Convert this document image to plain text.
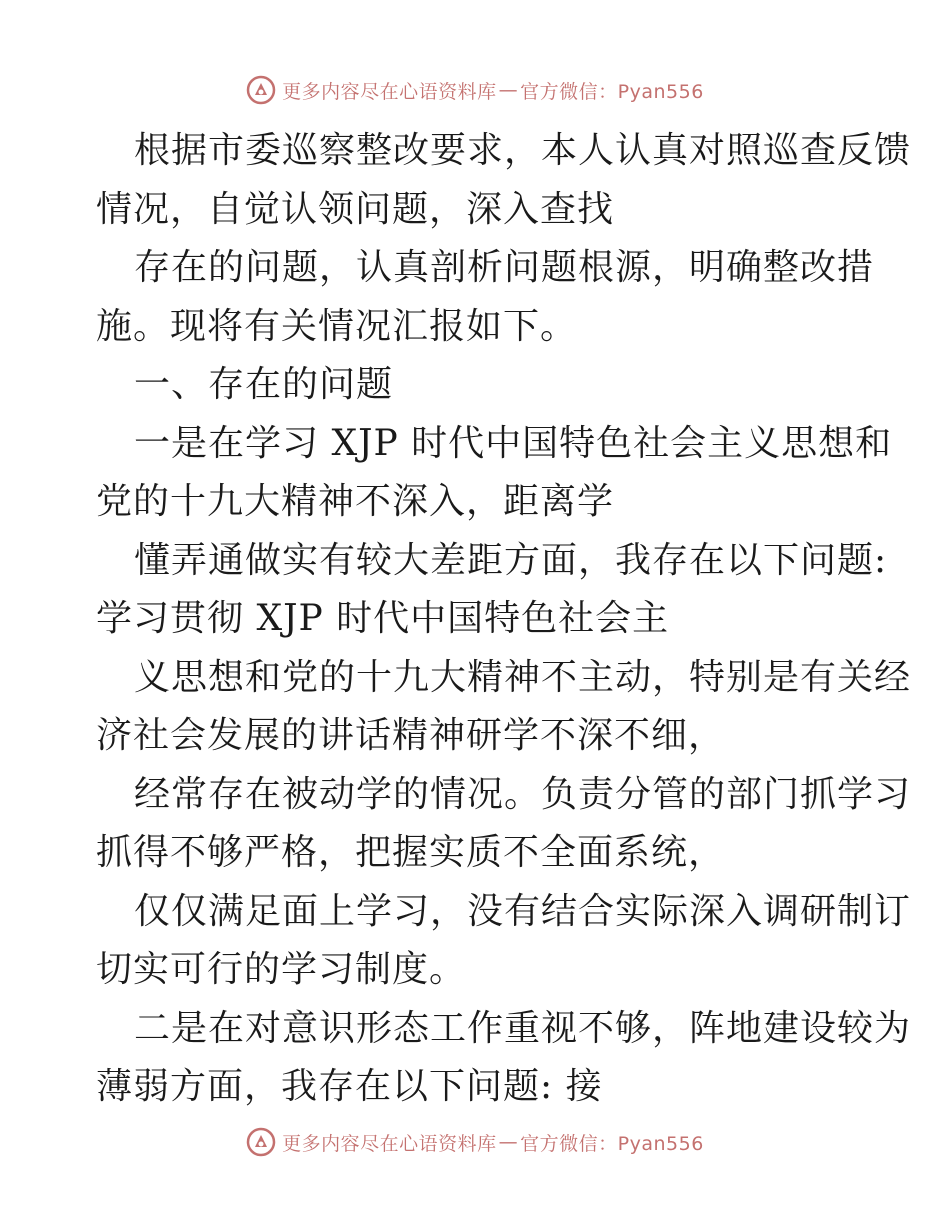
更多内容尽在心语资料库 — 官方微信：Pyan556
根据市委巡察整改要求，本人认真对照巡查反馈
情况，自觉认领问题，深入查找
存在的问题，认真剖析问题根源，明确整改措
施。现将有关情况汇报如下。
一、存在的问题
一是在学习 XJP 时代中国特色社会主义思想和
党的十九大精神不深入，距离学
懂弄通做实有较大差距方面，我存在以下问题:
学习贯彻 XJP 时代中国特色社会主
义思想和党的十九大精神不主动，特别是有关经
济社会发展的讲话精神研学不深不细，
经常存在被动学的情况。负责分管的部门抓学习
抓得不够严格，把握实质不全面系统，
仅仅满足面上学习，没有结合实际深入调研制订
切实可行的学习制度。
二是在对意识形态工作重视不够，阵地建设较为
薄弱方面，我存在以下问题: 接
更多内容尽在心语资料库 — 官方微信：Pyan556
